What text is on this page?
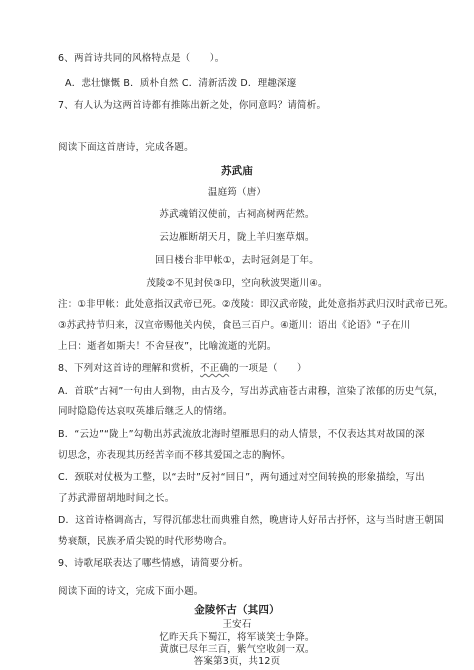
6、两首诗共同的风格特点是（　　）。
A．悲壮慷慨 B．质朴自然 C．清新活泼 D．理趣深邃
7、有人认为这两首诗都有推陈出新之处，你同意吗？请简析。
阅读下面这首唐诗，完成各题。
苏武庙
温庭筠（唐）
苏武魂销汉使前，古祠高树两茫然。
云边雁断胡天月，陇上羊归塞草烟。
回日楼台非甲帐①，去时冠剑是丁年。
茂陵②不见封侯③印，空向秋波哭逝川④。
注：①非甲帐：此处意指汉武帝已死。②茂陵：即汉武帝陵，此处意指苏武归汉时武帝已死。
③苏武持节归来，汉宣帝赐他关内侯，食邑三百户。④逝川：语出《论语》“子在川
上曰：逝者如斯夫！不舍昼夜”，比喻流逝的光阴。
8、下列对这首诗的理解和赏析，不正确的一项是（　　）
A．首联“古祠”一句由人到物，由古及今，写出苏武庙苍古肃穆，渲染了浓郁的历史气氛，
同时隐隐传达哀叹英雄后继乏人的情绪。
B．“云边”“陇上”勾勒出苏武流放北海时望雁思归的动人情景，不仅表达其对故国的深
切思念，亦表现其历经苦辛而不移其爱国之志的胸怀。
C．颈联对仗极为工整，以“去时”反衬“回日”，两句通过对空间转换的形象描绘，写出
了苏武滞留胡地时间之长。
D．这首诗格调高古，写得沉郁悲壮而典雅自然，晚唐诗人好吊古抒怀，这与当时唐王朝国
势衰颓，民族矛盾尖锐的时代形势吻合。
9、诗歌尾联表达了哪些情感，请简要分析。
阅读下面的诗文，完成下面小题。
金陵怀古（其四）
王安石
忆昨天兵下蜀江，将军谈笑士争降。
黄旗已尽年三百，紫气空收剑一双。
答案第3页，共12页
